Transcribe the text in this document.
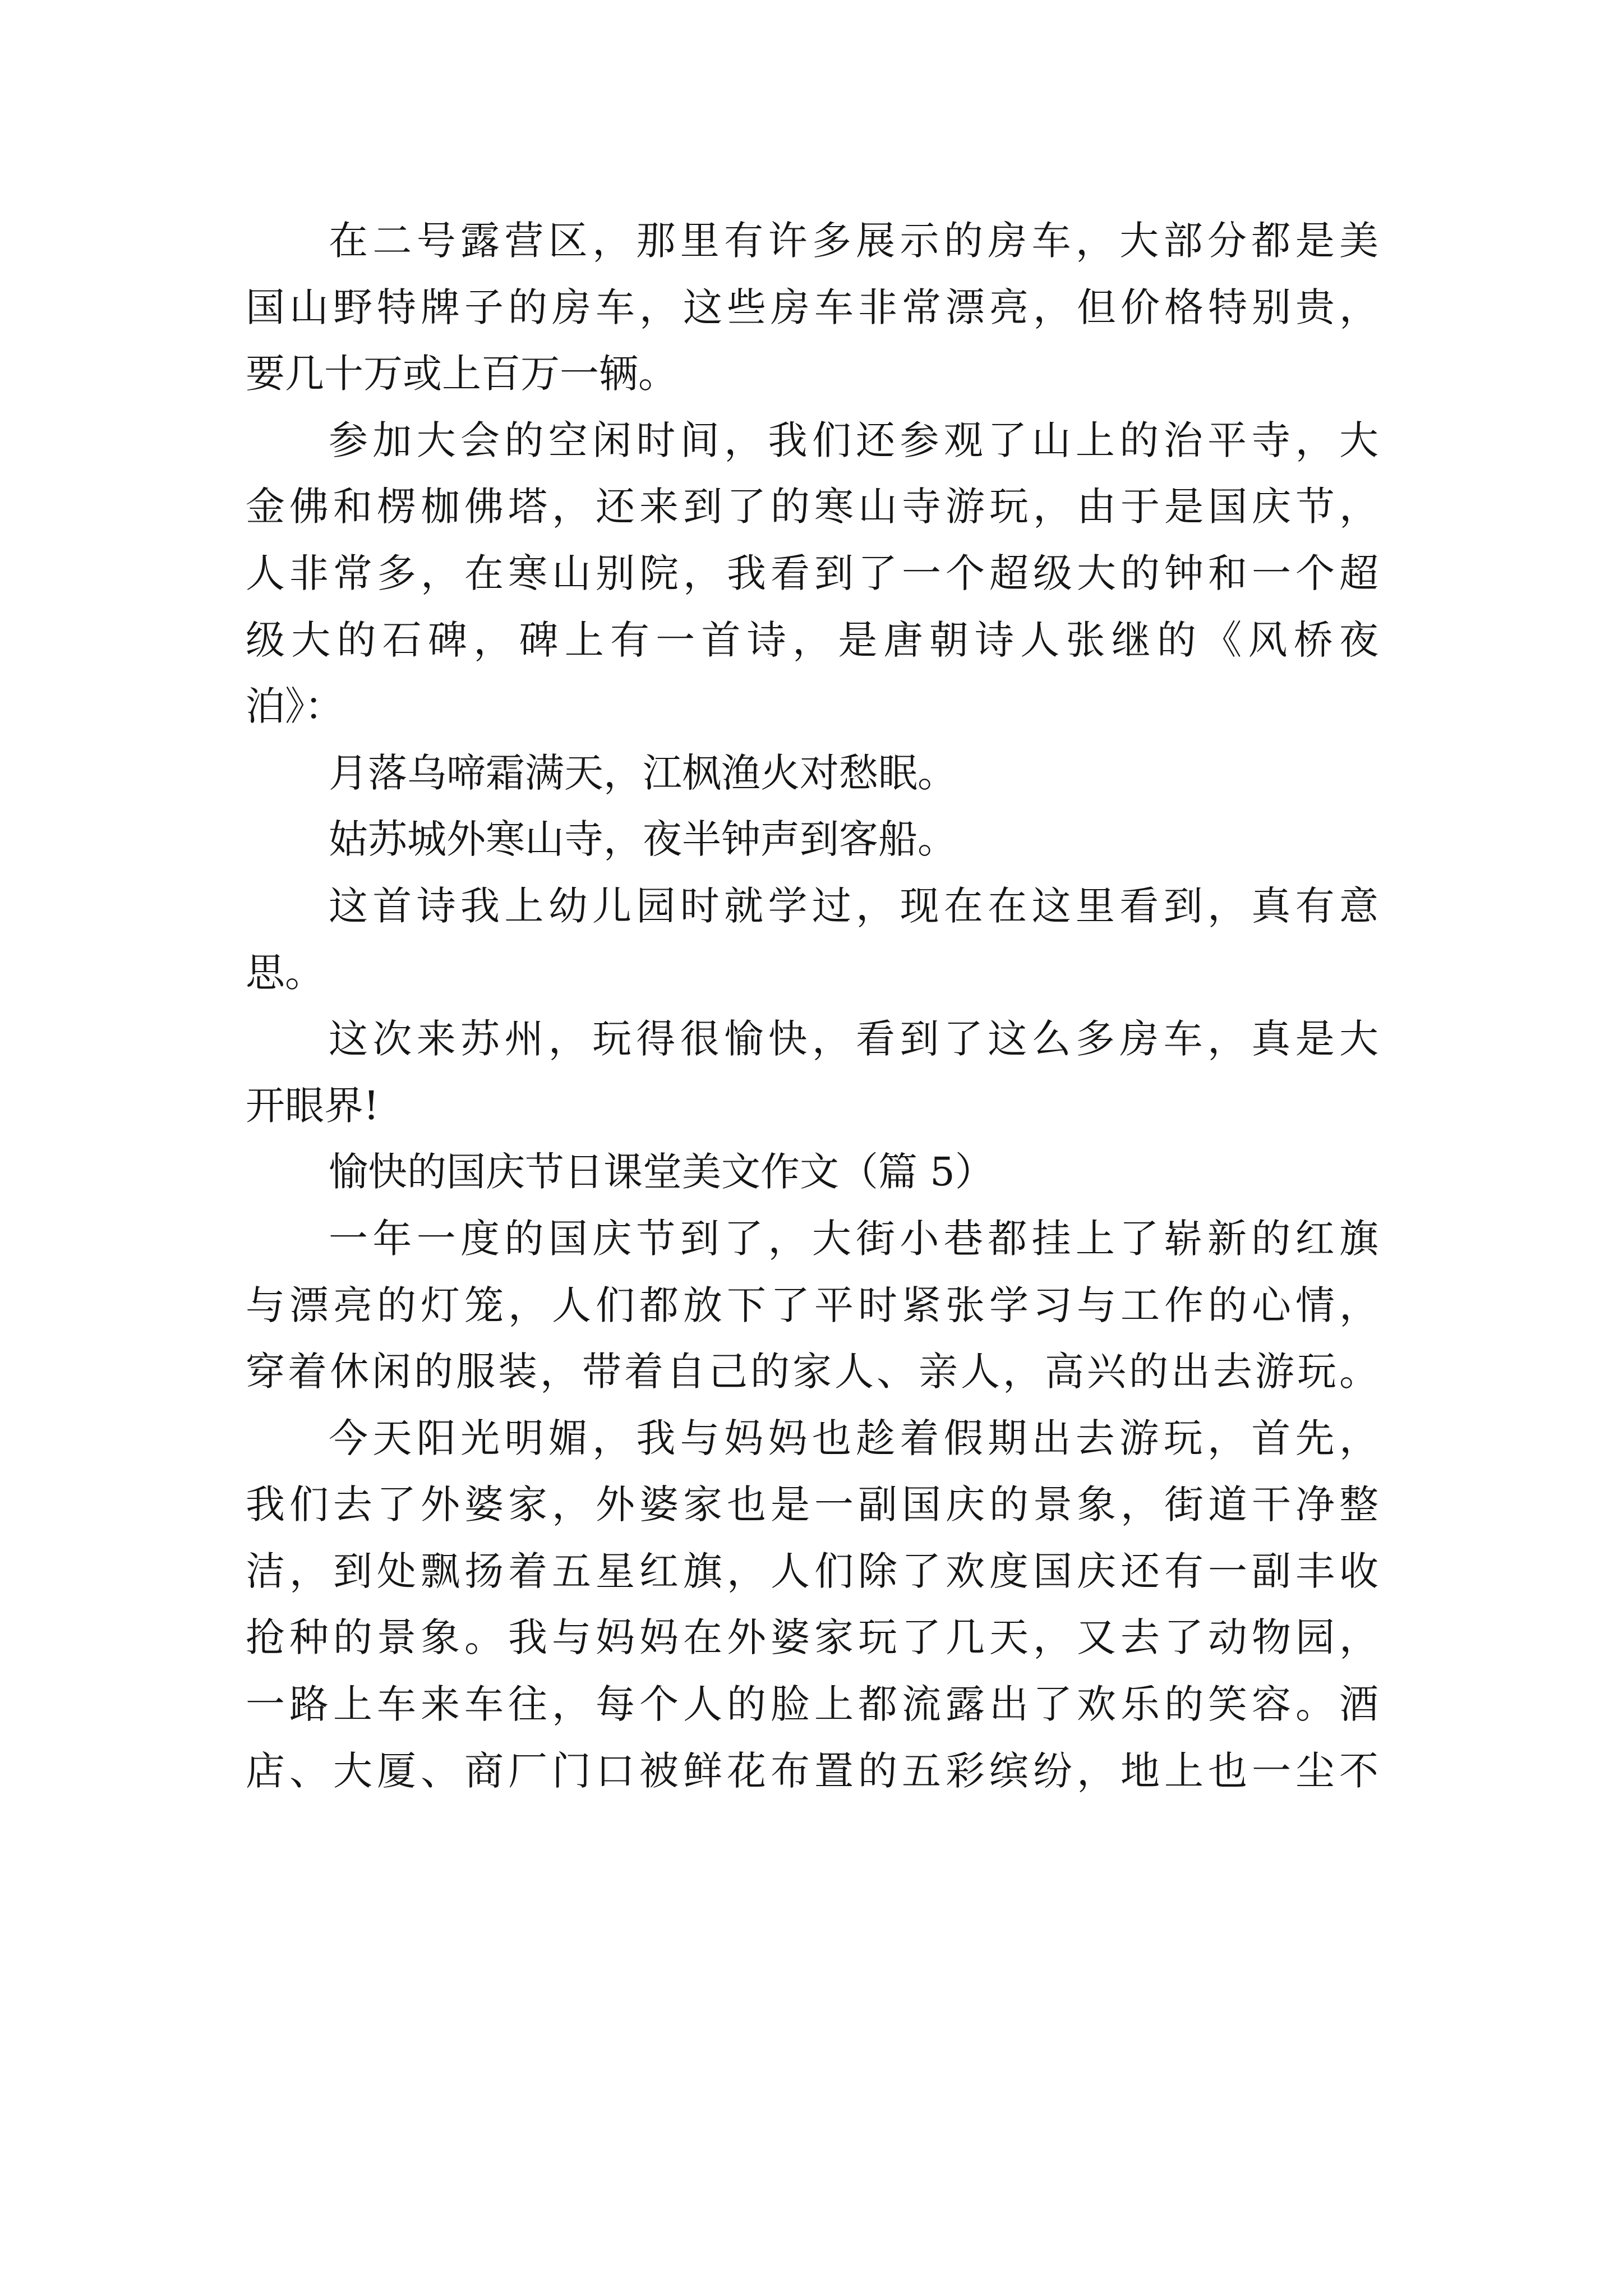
在二号露营区，那里有许多展示的房车，大部分都是美
国山野特牌子的房车，这些房车非常漂亮，但价格特别贵，
要几十万或上百万一辆。
参加大会的空闲时间，我们还参观了山上的治平寺，大
金佛和楞枷佛塔，还来到了的寒山寺游玩，由于是国庆节，
人非常多，在寒山别院，我看到了一个超级大的钟和一个超
级大的石碑，碑上有一首诗，是唐朝诗人张继的《风桥夜
泊》：
月落乌啼霜满天，江枫渔火对愁眠。
姑苏城外寒山寺，夜半钟声到客船。
这首诗我上幼儿园时就学过，现在在这里看到，真有意
思。
这次来苏州，玩得很愉快，看到了这么多房车，真是大
开眼界!
愉快的国庆节日课堂美文作文（篇 5）
一年一度的国庆节到了，大街小巷都挂上了崭新的红旗
与漂亮的灯笼，人们都放下了平时紧张学习与工作的心情，
穿着休闲的服装，带着自己的家人、亲人，高兴的出去游玩。
今天阳光明媚，我与妈妈也趁着假期出去游玩，首先，
我们去了外婆家，外婆家也是一副国庆的景象，街道干净整
洁，到处飘扬着五星红旗，人们除了欢度国庆还有一副丰收
抢种的景象。我与妈妈在外婆家玩了几天，又去了动物园，
一路上车来车往，每个人的脸上都流露出了欢乐的笑容。酒
店、大厦、商厂门口被鲜花布置的五彩缤纷，地上也一尘不
